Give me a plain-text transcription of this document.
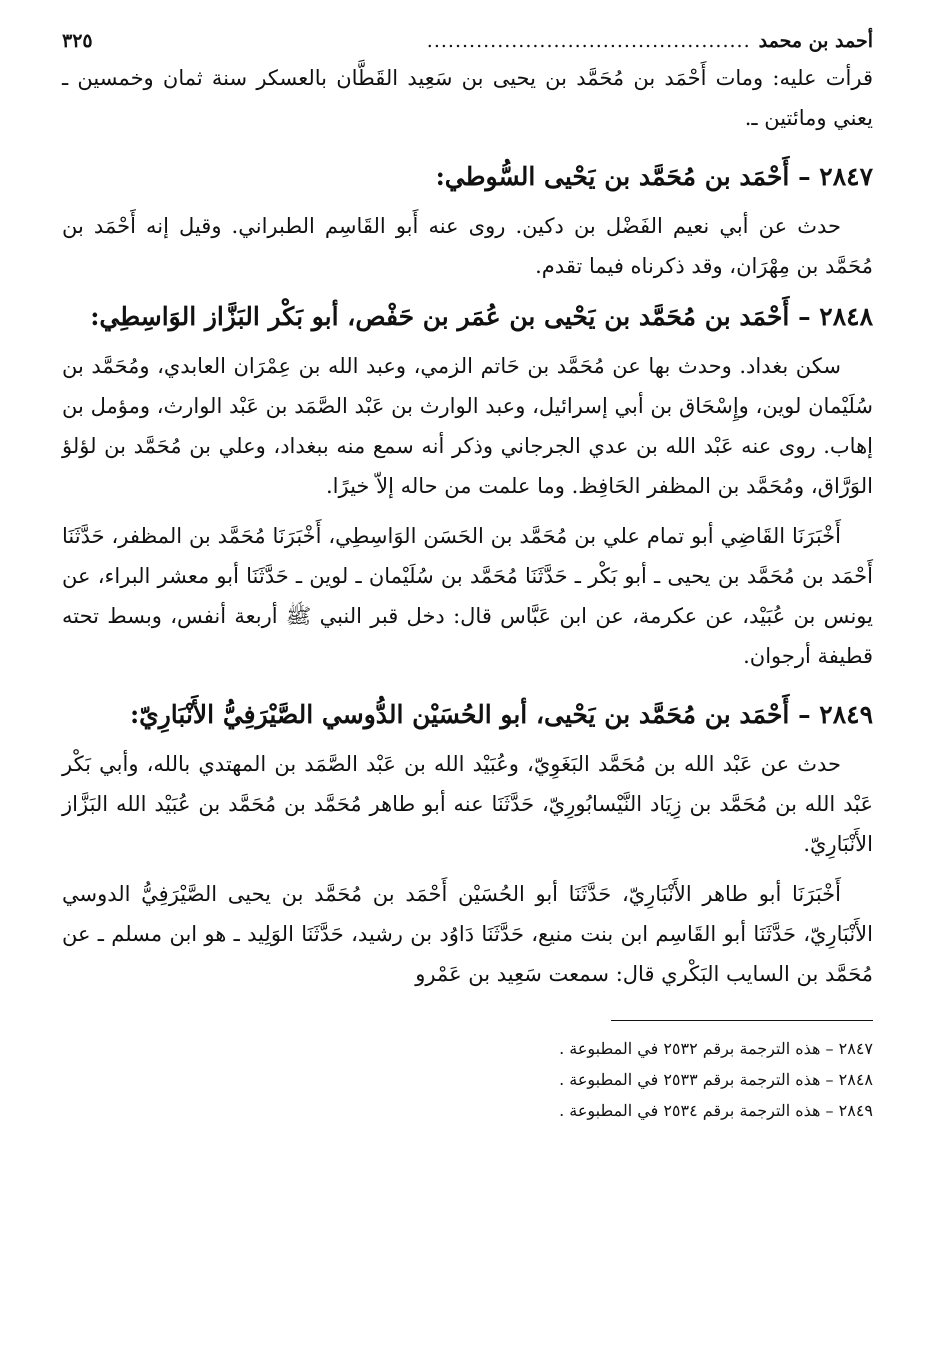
أحمد بن محمد
..............................................
٣٢٥

قرأت عليه: ومات أَحْمَد بن مُحَمَّد بن يحيى بن سَعِيد القَطَّان بالعسكر سنة ثمان وخمسين ـ يعني ومائتين ـ.

٢٨٤٧ – أَحْمَد بن مُحَمَّد بن يَحْيى السُّوطي:

حدث عن أبي نعيم الفَضْل بن دكين. روى عنه أَبو القَاسِم الطبراني. وقيل إنه أَحْمَد بن مُحَمَّد بن مِهْرَان، وقد ذكرناه فيما تقدم.

٢٨٤٨ – أَحْمَد بن مُحَمَّد بن يَحْيى بن عُمَر بن حَفْص، أبو بَكْر البَزَّاز الوَاسِطِي:

سكن بغداد. وحدث بها عن مُحَمَّد بن حَاتم الزمي، وعبد الله بن عِمْرَان العابدي، ومُحَمَّد بن سُلَيْمان لوين، وإِسْحَاق بن أبي إسرائيل، وعبد الوارث بن عَبْد الصَّمَد بن عَبْد الوارث، ومؤمل بن إهاب. روى عنه عَبْد الله بن عدي الجرجاني وذكر أنه سمع منه ببغداد، وعلي بن مُحَمَّد بن لؤلؤ الوَرَّاق، ومُحَمَّد بن المظفر الحَافِظ. وما علمت من حاله إلاّ خيرًا.

أَخْبَرَنَا القَاضِي أبو تمام علي بن مُحَمَّد بن الحَسَن الوَاسِطِي، أَخْبَرَنَا مُحَمَّد بن المظفر، حَدَّثَنَا أَحْمَد بن مُحَمَّد بن يحيى ـ أبو بَكْر ـ حَدَّثَنَا مُحَمَّد بن سُلَيْمان ـ لوين ـ حَدَّثَنَا أبو معشر البراء، عن يونس بن عُبَيْد، عن عكرمة، عن ابن عَبَّاس قال: دخل قبر النبي ﷺ أربعة أنفس، وبسط تحته قطيفة أرجوان.

٢٨٤٩ – أَحْمَد بن مُحَمَّد بن يَحْيى، أبو الحُسَيْن الدُّوسي الصَّيْرَفِيُّ الأَنْبَارِيّ:

حدث عن عَبْد الله بن مُحَمَّد البَغَوِيّ، وعُبَيْد الله بن عَبْد الصَّمَد بن المهتدي بالله، وأبي بَكْر عَبْد الله بن مُحَمَّد بن زِيَاد النَّيْسابُورِيّ، حَدَّثَنَا عنه أبو طاهر مُحَمَّد بن مُحَمَّد بن عُبَيْد الله البَزَّاز الأَنْبَارِيّ.

أَخْبَرَنَا أبو طاهر الأَنْبَارِيّ، حَدَّثَنَا أبو الحُسَيْن أَحْمَد بن مُحَمَّد بن يحيى الصَّيْرَفِيُّ الدوسي الأَنْبَارِيّ، حَدَّثَنَا أبو القَاسِم ابن بنت منيع، حَدَّثَنَا دَاوُد بن رشيد، حَدَّثَنَا الوَلِيد ـ هو ابن مسلم ـ عن مُحَمَّد بن السايب البَكْري قال: سمعت سَعِيد بن عَمْرو

٢٨٤٧ – هذه الترجمة برقم ٢٥٣٢ في المطبوعة .

٢٨٤٨ – هذه الترجمة برقم ٢٥٣٣ في المطبوعة .

٢٨٤٩ – هذه الترجمة برقم ٢٥٣٤ في المطبوعة .
